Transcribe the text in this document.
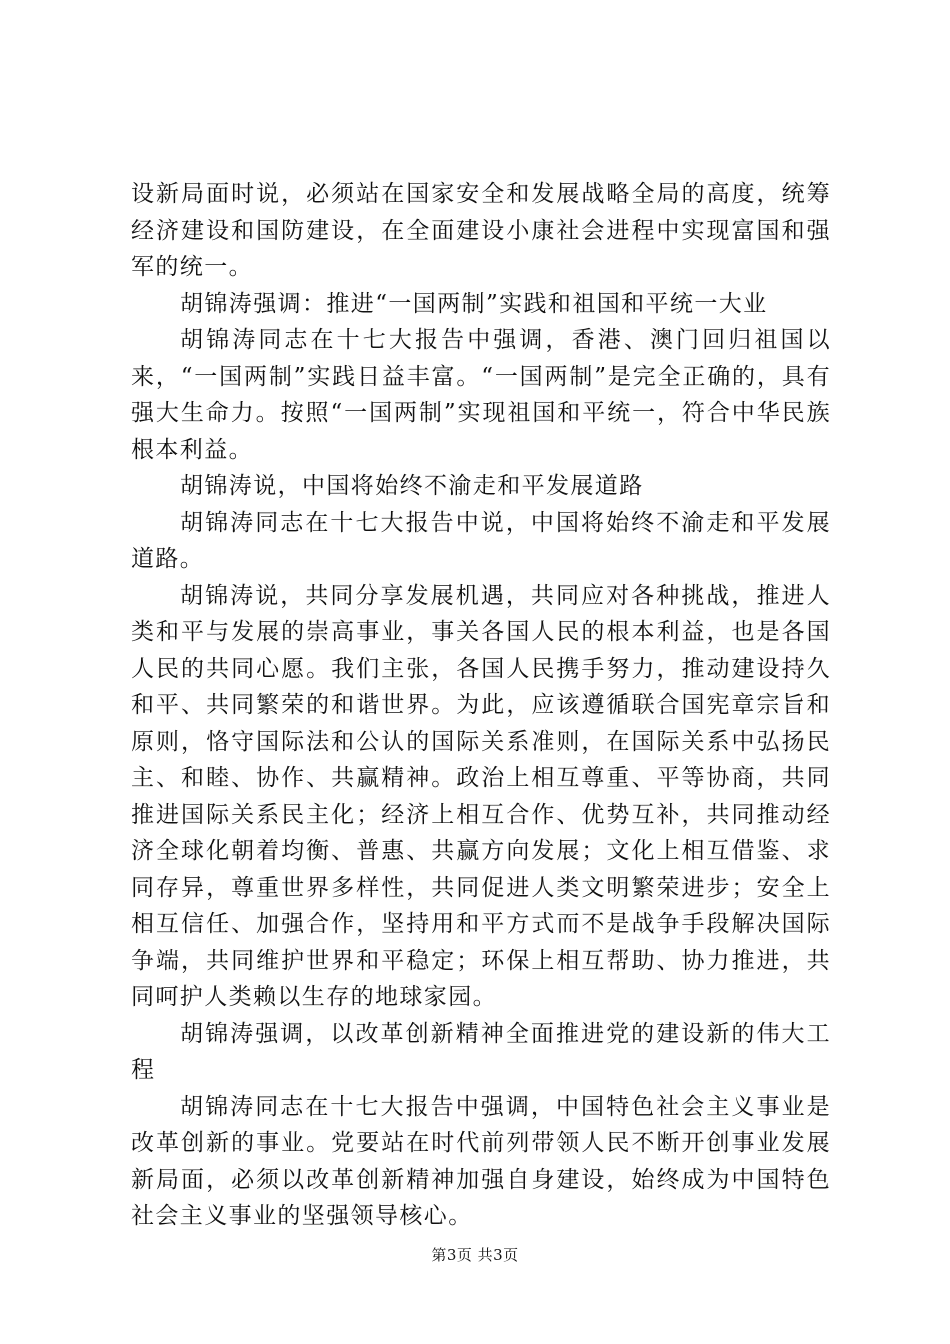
设新局面时说，必须站在国家安全和发展战略全局的高度，统筹经济建设和国防建设，在全面建设小康社会进程中实现富国和强军的统一。

胡锦涛强调：推进“一国两制”实践和祖国和平统一大业

胡锦涛同志在十七大报告中强调，香港、澳门回归祖国以来，“一国两制”实践日益丰富。“一国两制”是完全正确的，具有强大生命力。按照“一国两制”实现祖国和平统一，符合中华民族根本利益。

胡锦涛说，中国将始终不渝走和平发展道路

胡锦涛同志在十七大报告中说，中国将始终不渝走和平发展道路。

胡锦涛说，共同分享发展机遇，共同应对各种挑战，推进人类和平与发展的崇高事业，事关各国人民的根本利益，也是各国人民的共同心愿。我们主张，各国人民携手努力，推动建设持久和平、共同繁荣的和谐世界。为此，应该遵循联合国宪章宗旨和原则，恪守国际法和公认的国际关系准则，在国际关系中弘扬民主、和睦、协作、共赢精神。政治上相互尊重、平等协商，共同推进国际关系民主化；经济上相互合作、优势互补，共同推动经济全球化朝着均衡、普惠、共赢方向发展；文化上相互借鉴、求同存异，尊重世界多样性，共同促进人类文明繁荣进步；安全上相互信任、加强合作，坚持用和平方式而不是战争手段解决国际争端，共同维护世界和平稳定；环保上相互帮助、协力推进，共同呵护人类赖以生存的地球家园。

胡锦涛强调，以改革创新精神全面推进党的建设新的伟大工程

胡锦涛同志在十七大报告中强调，中国特色社会主义事业是改革创新的事业。党要站在时代前列带领人民不断开创事业发展新局面，必须以改革创新精神加强自身建设，始终成为中国特色社会主义事业的坚强领导核心。

第3页 共3页
